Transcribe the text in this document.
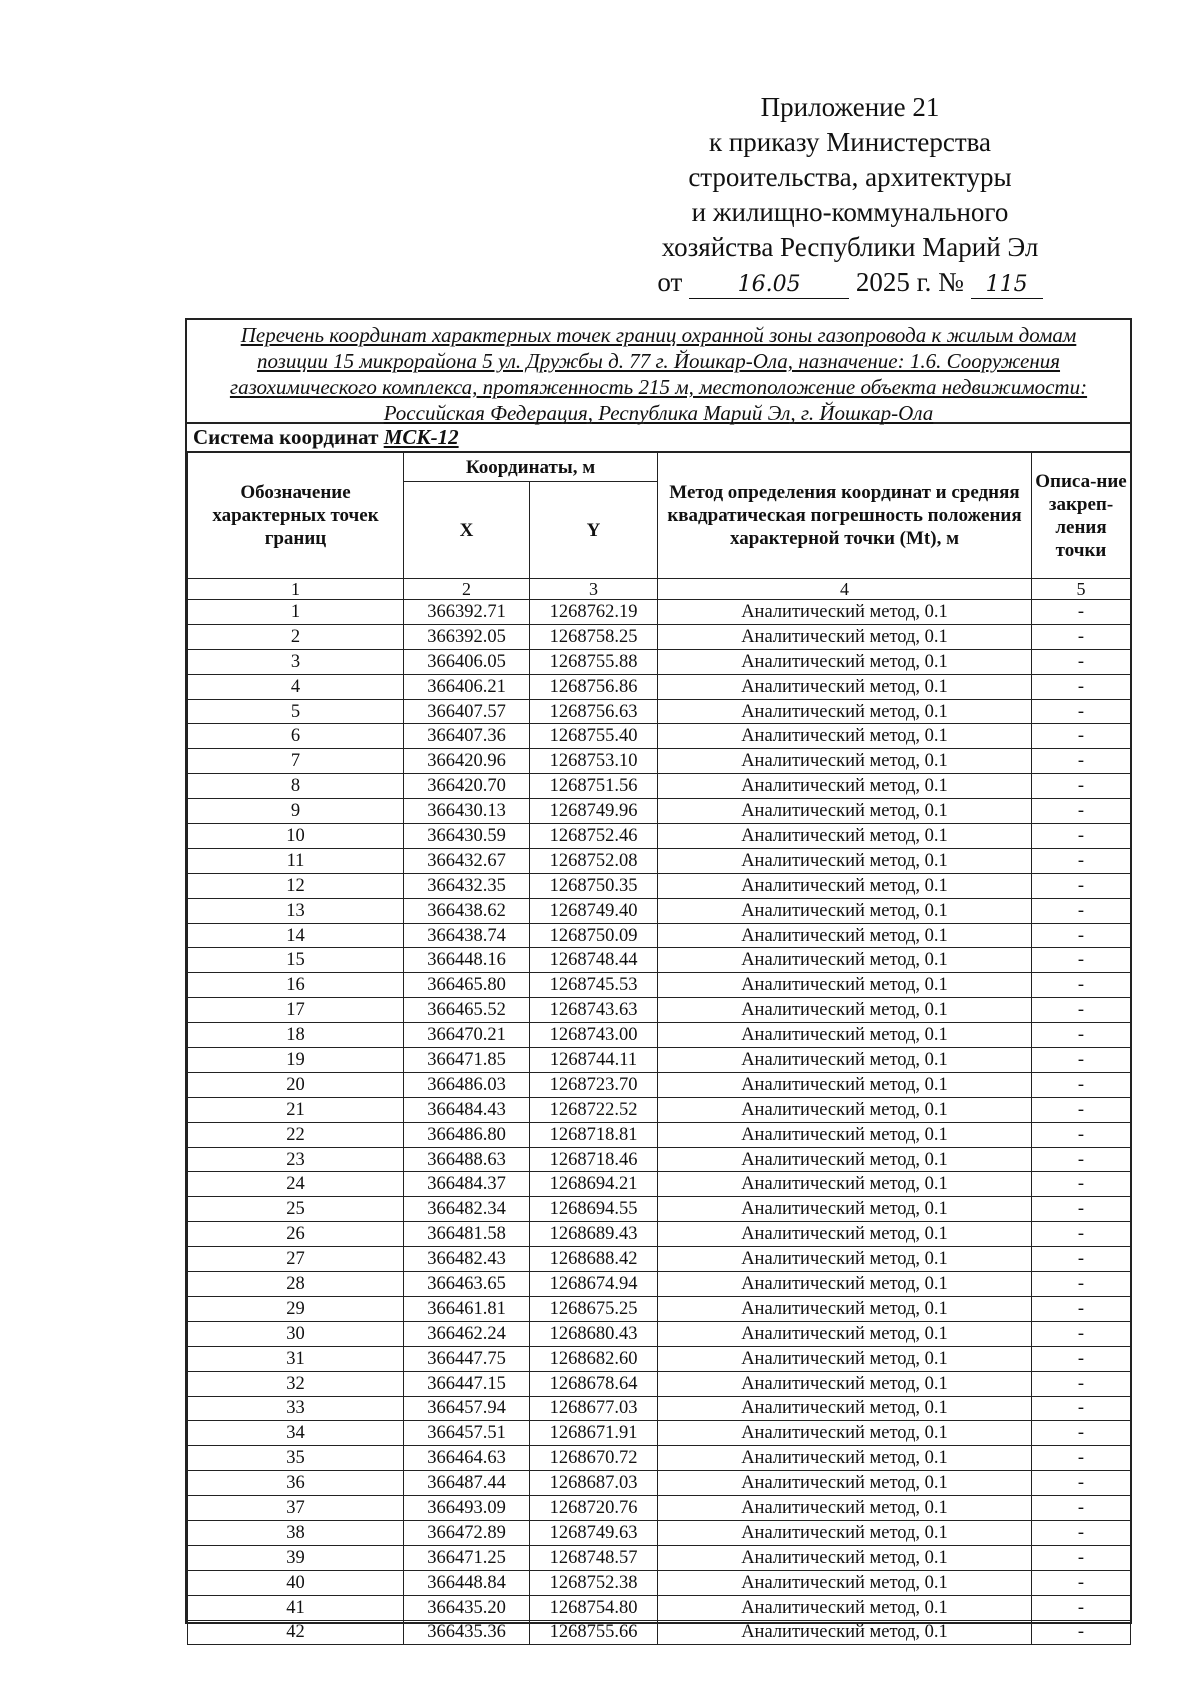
Приложение 21
к приказу Министерства
строительства, архитектуры
и жилищно-коммунального
хозяйства Республики Марий Эл
от	16.05 2025 г. № 115
Перечень координат характерных точек границ охранной зоны газопровода к жилым домам
позиции 15 микрорайона 5 ул. Дружбы д. 77 г. Йошкар-Ола, назначение: 1.6. Сооружения
газохимического комплекса, протяженность 215 м, местоположение объекта недвижимости:
Российская Федерация, Республика Марий Эл, г. Йошкар-Ола
Система координат МСК-12
Обозначение характерных точек границ	Координаты, м		Метод определения координат и средняя квадратическая погрешность положения характерной точки (Mt), м	Описа-ние закреп-ления точки
	X	Y		
1	2	3	4	5
1	366392.71	1268762.19	Аналитический метод, 0.1	-
2	366392.05	1268758.25	Аналитический метод, 0.1	-
3	366406.05	1268755.88	Аналитический метод, 0.1	-
4	366406.21	1268756.86	Аналитический метод, 0.1	-
5	366407.57	1268756.63	Аналитический метод, 0.1	-
6	366407.36	1268755.40	Аналитический метод, 0.1	-
7	366420.96	1268753.10	Аналитический метод, 0.1	-
8	366420.70	1268751.56	Аналитический метод, 0.1	-
9	366430.13	1268749.96	Аналитический метод, 0.1	-
10	366430.59	1268752.46	Аналитический метод, 0.1	-
11	366432.67	1268752.08	Аналитический метод, 0.1	-
12	366432.35	1268750.35	Аналитический метод, 0.1	-
13	366438.62	1268749.40	Аналитический метод, 0.1	-
14	366438.74	1268750.09	Аналитический метод, 0.1	-
15	366448.16	1268748.44	Аналитический метод, 0.1	-
16	366465.80	1268745.53	Аналитический метод, 0.1	-
17	366465.52	1268743.63	Аналитический метод, 0.1	-
18	366470.21	1268743.00	Аналитический метод, 0.1	-
19	366471.85	1268744.11	Аналитический метод, 0.1	-
20	366486.03	1268723.70	Аналитический метод, 0.1	-
21	366484.43	1268722.52	Аналитический метод, 0.1	-
22	366486.80	1268718.81	Аналитический метод, 0.1	-
23	366488.63	1268718.46	Аналитический метод, 0.1	-
24	366484.37	1268694.21	Аналитический метод, 0.1	-
25	366482.34	1268694.55	Аналитический метод, 0.1	-
26	366481.58	1268689.43	Аналитический метод, 0.1	-
27	366482.43	1268688.42	Аналитический метод, 0.1	-
28	366463.65	1268674.94	Аналитический метод, 0.1	-
29	366461.81	1268675.25	Аналитический метод, 0.1	-
30	366462.24	1268680.43	Аналитический метод, 0.1	-
31	366447.75	1268682.60	Аналитический метод, 0.1	-
32	366447.15	1268678.64	Аналитический метод, 0.1	-
33	366457.94	1268677.03	Аналитический метод, 0.1	-
34	366457.51	1268671.91	Аналитический метод, 0.1	-
35	366464.63	1268670.72	Аналитический метод, 0.1	-
36	366487.44	1268687.03	Аналитический метод, 0.1	-
37	366493.09	1268720.76	Аналитический метод, 0.1	-
38	366472.89	1268749.63	Аналитический метод, 0.1	-
39	366471.25	1268748.57	Аналитический метод, 0.1	-
40	366448.84	1268752.38	Аналитический метод, 0.1	-
41	366435.20	1268754.80	Аналитический метод, 0.1	-
42	366435.36	1268755.66	Аналитический метод, 0.1	-
